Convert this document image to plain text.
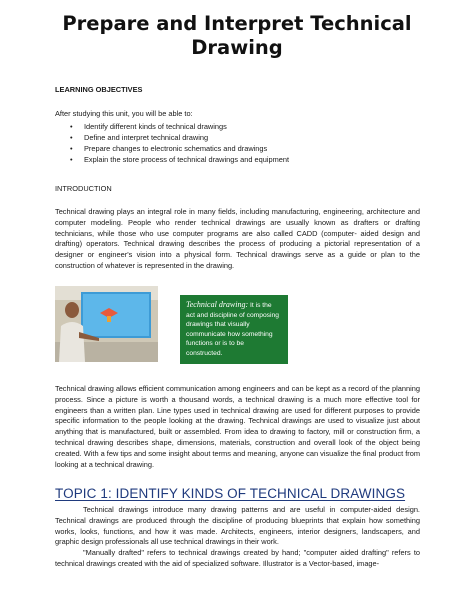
Prepare and Interpret Technical Drawing

LEARNING OBJECTIVES

After studying this unit, you will be able to:

• Identify different kinds of technical drawings
• Define and interpret technical drawing
• Prepare changes to electronic schematics and drawings
• Explain the store process of technical drawings and equipment

INTRODUCTION

Technical drawing plays an integral role in many fields, including manufacturing, engineering, architecture and computer modeling. People who render technical drawings are usually known as drafters or drafting technicians, while those who use computer programs are also called CADD (computer- aided design and drafting) operators. Technical drawing describes the process of producing a pictorial representation of a designer or engineer's vision into a physical form. Technical drawings serve as a guide or plan to the construction of whatever is represented in the drawing.

Technical drawing: It is the act and discipline of composing drawings that visually communicate how something functions or is to be constructed.

Technical drawing allows efficient communication among engineers and can be kept as a record of the planning process. Since a picture is worth a thousand words, a technical drawing is a much more effective tool for engineers than a written plan. Line types used in technical drawing are used for different purposes to provide specific information to the people looking at the drawing. Technical drawings are used to visualize just about anything that is manufactured, built or assembled. From idea to drawing to factory, mill or construction firm, a technical drawing describes shape, dimensions, materials, construction and overall look of the object being created. With a few tips and some insight about terms and meaning, anyone can visualize the final product from looking at a technical drawing.

TOPIC 1: IDENTIFY KINDS OF TECHNICAL DRAWINGS

Technical drawings introduce many drawing patterns and are useful in computer-aided design. Technical drawings are produced through the discipline of producing blueprints that explain how something works, looks, functions, and how it was made. Architects, engineers, interior designers, landscapers, and graphic design professionals all use technical drawings in their work.

"Manually drafted" refers to technical drawings created by hand; "computer aided drafting" refers to technical drawings created with the aid of specialized software. Illustrator is a Vector-based, image-
